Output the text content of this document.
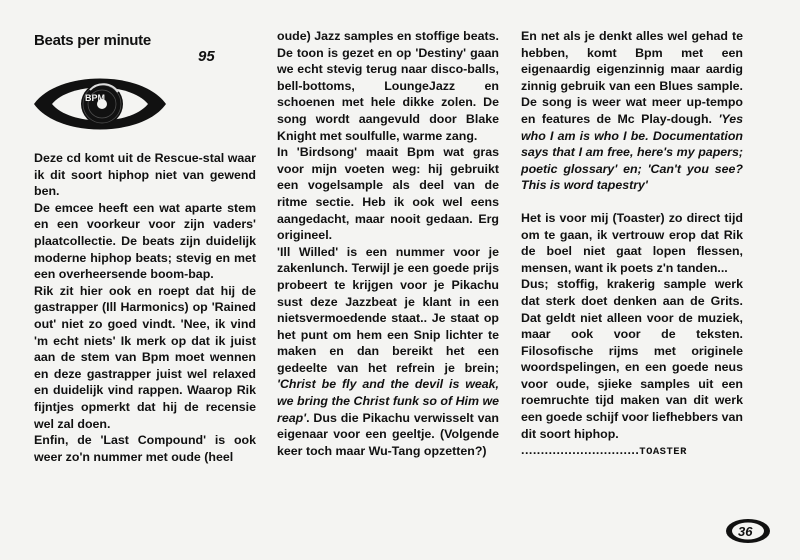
Beats per minute
95
BPM

Deze cd komt uit de Rescue-stal waar ik dit soort hiphop niet van gewend ben.

De emcee heeft een wat aparte stem en een voorkeur voor zijn vaders' plaatcollectie. De beats zijn duidelijk moderne hiphop beats; stevig en met een overheersende boom-bap.

Rik zit hier ook en roept dat hij de gastrapper (Ill Harmonics) op 'Rained out' niet zo goed vindt. 'Nee, ik vind 'm echt niets' Ik merk op dat ik juist aan de stem van Bpm moet wennen en deze gastrapper juist wel relaxed en duidelijk vind rappen. Waarop Rik fijntjes opmerkt dat hij de recensie wel zal doen.

Enfin, de 'Last Compound' is ook weer zo'n nummer met oude (heel

oude) Jazz samples en stoffige beats. De toon is gezet en op 'Destiny' gaan we echt stevig terug naar disco-balls, bell-bottoms, LoungeJazz en schoenen met hele dikke zolen. De song wordt aangevuld door Blake Knight met soulfulle, warme zang.

In 'Birdsong' maait Bpm wat gras voor mijn voeten weg: hij gebruikt een vogelsample als deel van de ritme sectie. Heb ik ook wel eens aangedacht, maar nooit gedaan. Erg origineel.

'Ill Willed' is een nummer voor je zakenlunch. Terwijl je een goede prijs probeert te krijgen voor je Pikachu sust deze Jazzbeat je klant in een nietsvermoedende staat.. Je staat op het punt om hem een Snip lichter te maken en dan bereikt het een gedeelte van het refrein je brein; 'Christ be fly and the devil is weak, we bring the Christ funk so of Him we reap'. Dus die Pikachu verwisselt van eigenaar voor een geeltje. (Volgende keer toch maar Wu-Tang opzetten?)

En net als je denkt alles wel gehad te hebben, komt Bpm met een eigenaardig eigenzinnig maar aardig zinnig gebruik van een Blues sample. De song is weer wat meer up-tempo en features de Mc Play-dough. 'Yes who I am is who I be. Documentation says that I am free, here's my papers; poetic glossary' en; 'Can't you see? This is word tapestry'

Het is voor mij (Toaster) zo direct tijd om te gaan, ik vertrouw erop dat Rik de boel niet gaat lopen flessen, mensen, want ik poets z'n tanden...

Dus; stoffig, krakerig sample werk dat sterk doet denken aan de Grits. Dat geldt niet alleen voor de muziek, maar ook voor de teksten. Filosofische rijms met originele woordspelingen, en een goede neus voor oude, sjieke samples uit een roemruchte tijd maken van dit werk een goede schijf voor liefhebbers van dit soort hiphop.

..............................TOASTER

36
